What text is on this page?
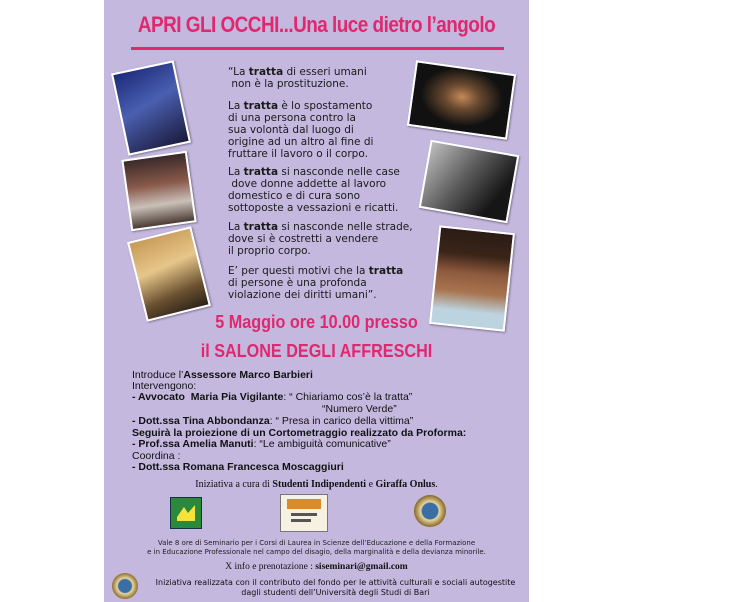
APRI GLI OCCHI...Una luce dietro l’angolo
“La tratta di esseri umani
non è la prostituzione.
La tratta è lo spostamento
di una persona contro la
sua volontà dal luogo di
origine ad un altro al fine di
fruttare il lavoro o il corpo.
La tratta si nasconde nelle case
dove donne addette al lavoro
domestico e di cura sono
sottoposte a vessazioni e ricatti.
La tratta si nasconde nelle strade,
dove si è costretti a vendere
il proprio corpo.
E’ per questi motivi che la tratta
di persone è una profonda
violazione dei diritti umani”.
5 Maggio ore 10.00 presso
il SALONE DEGLI AFFRESCHI
Introduce l’Assessore Marco Barbieri
Intervengono:
- Avvocato  Maria Pia Vigilante: “ Chiariamo cos’è la tratta”
“Numero Verde”
- Dott.ssa Tina Abbondanza: “ Presa in carico della vittima”
Seguirà la proiezione di un Cortometraggio realizzato da Proforma:
- Prof.ssa Amelia Manuti: “Le ambiguità comunicative”
Coordina :
- Dott.ssa Romana Francesca Moscaggiuri
Iniziativa a cura di Studenti Indipendenti e Giraffa Onlus.
Vale 8 ore di Seminario per i Corsi di Laurea in Scienze dell’Educazione e della Formazione
e in Educazione Professionale nel campo del disagio, della marginalità e della devianza minorile.
X info e prenotazione : siseminari@gmail.com
Iniziativa realizzata con il contributo del fondo per le attività culturali e sociali autogestite
dagli studenti dell’Università degli Studi di Bari
